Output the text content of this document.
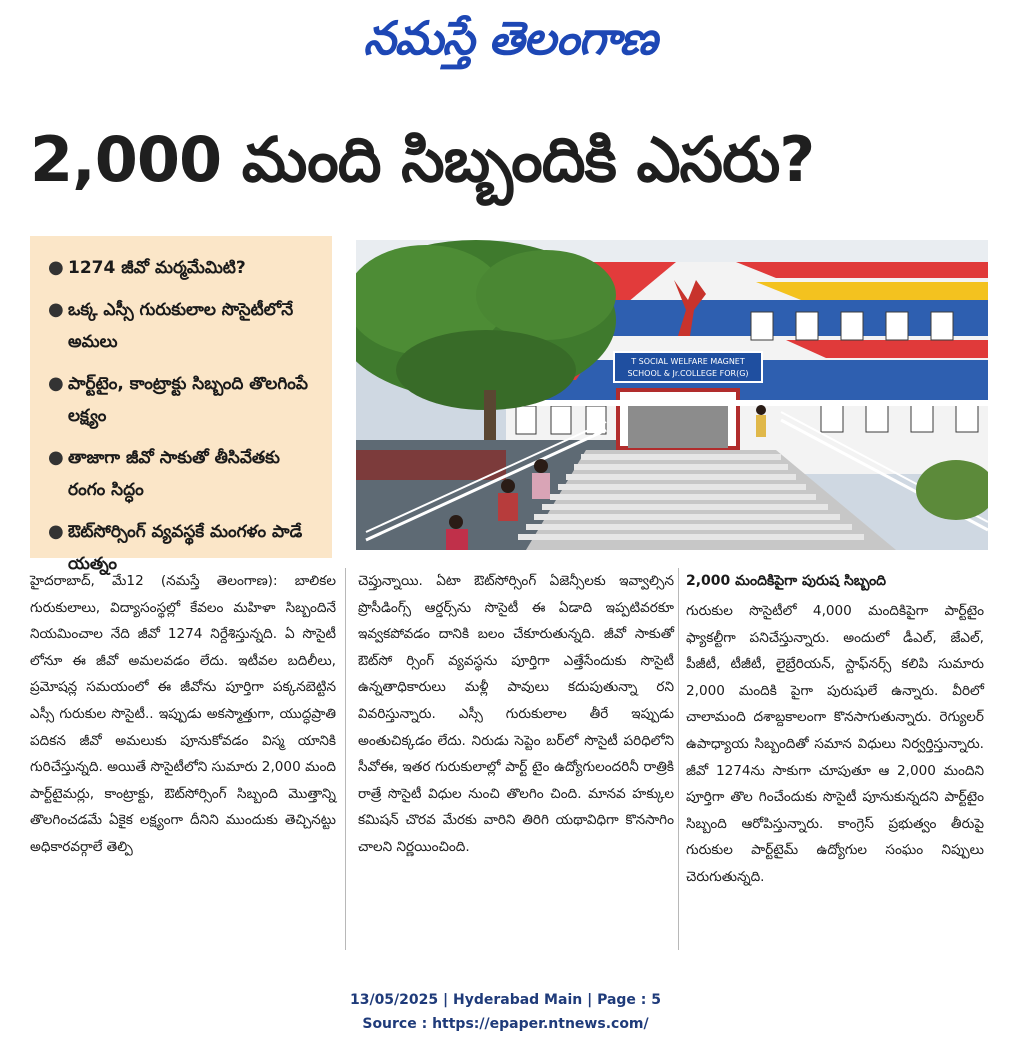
నమస్తే తెలంగాణ
2,000 మంది సిబ్బందికి ఎసరు?
● 1274 జీవో మర్మమేమిటి?
● ఒక్క ఎస్సీ గురుకులాల సొసైటీలోనే అమలు
● పార్ట్‌టైం, కాంట్రాక్టు సిబ్బంది తొలగింపే లక్ష్యం
● తాజాగా జీవో సాకుతో తీసివేతకు రంగం సిద్ధం
● ఔట్‌సోర్సింగ్ వ్యవస్థకే మంగళం పాడే యత్నం
T SOCIAL WELFARE MAGNET
SCHOOL & Jr.COLLEGE FOR(G)
హైదరాబాద్, మే12 (నమస్తే తెలంగాణ): బాలికల గురుకులాలు, విద్యాసంస్థల్లో కేవలం మహిళా సిబ్బందినే నియమించాల నేది జీవో 1274 నిర్దేశిస్తున్నది. ఏ సొసైటీ లోనూ ఈ జీవో అమలవడం లేదు. ఇటీవల బదిలీలు, ప్రమోషన్ల సమయంలో ఈ జీవోను పూర్తిగా పక్కనబెట్టిన ఎస్సీ గురుకుల సొసైటీ.. ఇప్పుడు అకస్మాత్తుగా, యుద్ధప్రాతి పదికన జీవో అమలుకు పూనుకోవడం విస్మ యానికి గురిచేస్తున్నది. అయితే సొసైటీలోని సుమారు 2,000 మంది పార్ట్‌టైమర్లు, కాంట్రాక్టు, ఔట్‌సోర్సింగ్ సిబ్బంది మొత్తాన్ని తొలగించడమే ఏకైక లక్ష్యంగా దీనిని ముందుకు తెచ్చినట్టు అధికారవర్గాలే తెల్పి
చెప్తున్నాయి. ఏటా ఔట్‌సోర్సింగ్ ఏజెన్సీలకు ఇవ్వాల్సిన ప్రొసీడింగ్స్ ఆర్డర్స్‌ను సొసైటీ ఈ ఏడాది ఇప్పటివరకూ ఇవ్వకపోవడం దానికి బలం చేకూరుతున్నది. జీవో సాకుతో ఔట్‌సో ర్సింగ్ వ్యవస్థను పూర్తిగా ఎత్తేసేందుకు సొసైటీ ఉన్నతాధికారులు మళ్లీ పావులు కదుపుతున్నా రని వివరిస్తున్నారు. ఎస్సీ గురుకులాల తీరే ఇప్పుడు అంతుచిక్కడం లేదు. నిరుడు సెప్టెం బర్‌లో సొసైటీ పరిధిలోని సీవోఈ, ఇతర గురుకులాల్లో పార్ట్ టైం ఉద్యోగులందరినీ రాత్రికి రాత్రే సొసైటీ విధుల నుంచి తొలగిం చింది. మానవ హక్కుల కమిషన్ చొరవ మేరకు వారిని తిరిగి యథావిధిగా కొనసాగిం చాలని నిర్ణయించింది.
2,000 మందికిపైగా పురుష సిబ్బంది
గురుకుల సొసైటీలో 4,000 మందికిపైగా పార్ట్‌టైం ఫ్యాకల్టీగా పనిచేస్తున్నారు. అందులో డీఎల్, జేఎల్, పీజీటీ, టీజీటీ, లైబ్రేరియన్, స్టాఫ్‌నర్స్ కలిపి సుమారు 2,000 మందికి పైగా పురుషులే ఉన్నారు. వీరిలో చాలామంది దశాబ్దకాలంగా కొనసాగుతున్నారు. రెగ్యులర్ ఉపాధ్యాయ సిబ్బందితో సమాన విధులు నిర్వర్తిస్తున్నారు. జీవో 1274ను సాకుగా చూపుతూ ఆ 2,000 మందిని పూర్తిగా తొల గించేందుకు సొసైటీ పూనుకున్నదని పార్ట్‌టైం సిబ్బంది ఆరోపిస్తున్నారు. కాంగ్రెస్ ప్రభుత్వం తీరుపై గురుకుల పార్ట్‌టైమ్ ఉద్యోగుల సంఘం నిప్పులు చెరుగుతున్నది.
13/05/2025 | Hyderabad Main | Page : 5
Source : https://epaper.ntnews.com/
